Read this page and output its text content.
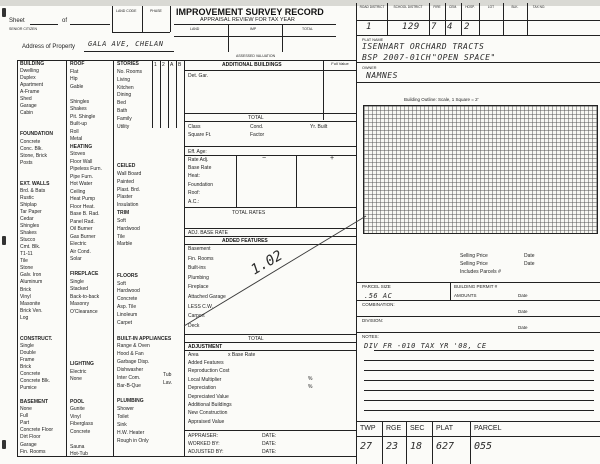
Sheet	of
SENIOR CITIZEN
LAND CODE	PHASE IMPROVEMENT SURVEY RECORD
APPRAISAL REVIEW FOR TAX YEAR
LAND	IMP	TOTAL
ASSESSED VALUATION
Address of Property GALA AVE, CHELAN
ROAD DISTRICT
1
SCHOOL DISTRICT
129
FIRE
7
CEM.
4
HOSP.
2
LOT	BLK.	TAX NO.
PLAT NAME
ISENHART ORCHARD TRACTS
BSP 2007-01CH "OPEN SPACE"
OWNER
NAMNES
Building Outline: Scale, 1 Square = 2'
1 2 A B
BUILDING
Dwelling
Duplex
Apartment
A-Frame
Shed
Garage
Cabin
FOUNDATION
Concrete
Conc. Blk.
Stone, Brick
Posts
EXT. WALLS
Brd. & Bats
Rustic
Shiplap
Tar Paper
Cedar
Shingles
Shakes
Stucco
Cmt. Blk.
T1-11
Tile
Stone
Galv. Iron
Aluminum
Brick
Vinyl
Masonite
Brick Ven.
Log
CONSTRUCT.
Single
Double
Frame
Brick
Concrete
Concrete Blk.
Pumice
BASEMENT
None
Full
Part
Concrete Floor
Dirt Floor
Garage
Fin. Rooms
ROOF
Flat
Hip
Gable
Shingles
Shakes
Pit. Shingle
Built-up
Roll
Metal
HEATING
Stoves
Floor Wall
Pipeless Furn.
Pipe Furn.
Hot Water
Ceiling
Heat Pump
Floor Heat.
Base B. Rad.
Panel Rad.
Oil Burner
Gas Burner
Electric
Air Cond.
Solar
FIREPLACE
Single
Stacked
Back-to-back
Masonry
O'Clearance
LIGHTING
Electric
None
POOL
Gunite
Vinyl
Fiberglass
Concrete
Sauna
Hot-Tub
STORIES
No. Rooms
Living
Kitchen
Dining
Bed
Bath
Family
Utility
CEILED
Wall Board
Painted
Plast. Brd.
Plaster
Insulation
TRIM
Soft
Hardwood
Tile
Marble
FLOORS
Soft
Hardwood
Concrete
Asp. Tile
Linoleum
Carpet
BUILT-IN APPLIANCES
Range & Oven
Hood & Fan
Garbage Disp.
Dishwasher
Inter Com.
Bar-B-Que
PLUMBING
Shower
Toilet
Sink
H.W. Heater
Rough in Only
Tub
Lav.
ADDITIONAL BUILDINGS	Full Value
Det. Gar.
TOTAL
Class	Cond.	Yr. Built
Square Ft.	Factor
Eff. Age:
Rate Adj.	−	+
Base Rate
Heat:
Foundation
Roof:
A.C.:
TOTAL RATES
ADJ. BASE RATE
ADDED FEATURES
Basement
Fin. Rooms
Built-ins
Plumbing
Fireplace
Attached Garage
LESS C.W.
Carport
Deck
TOTAL
ADJUSTMENT
Area	x Base Rate
Added Features
Reproduction Cost
Local Multiplier
Depreciation
Depreciated Value
Additional Buildings
New Construction
Appraised Value
%
%
APPRAISER:	DATE:
WORKED BY:	DATE:
ADJUSTED BY:	DATE:
1.02	Selling Price	Date
Selling Price	Date
Includes Parcels #
PARCEL SIZE
.56 AC
BUILDING PERMIT #
AMOUNTS	Date
COMBINATION:
Date
DIVISION:
Date
NOTES:
DIV FR -010 TAX YR '08, CE
TWP
27
RGE
23
SEC
18
PLAT
627
PARCEL
055
